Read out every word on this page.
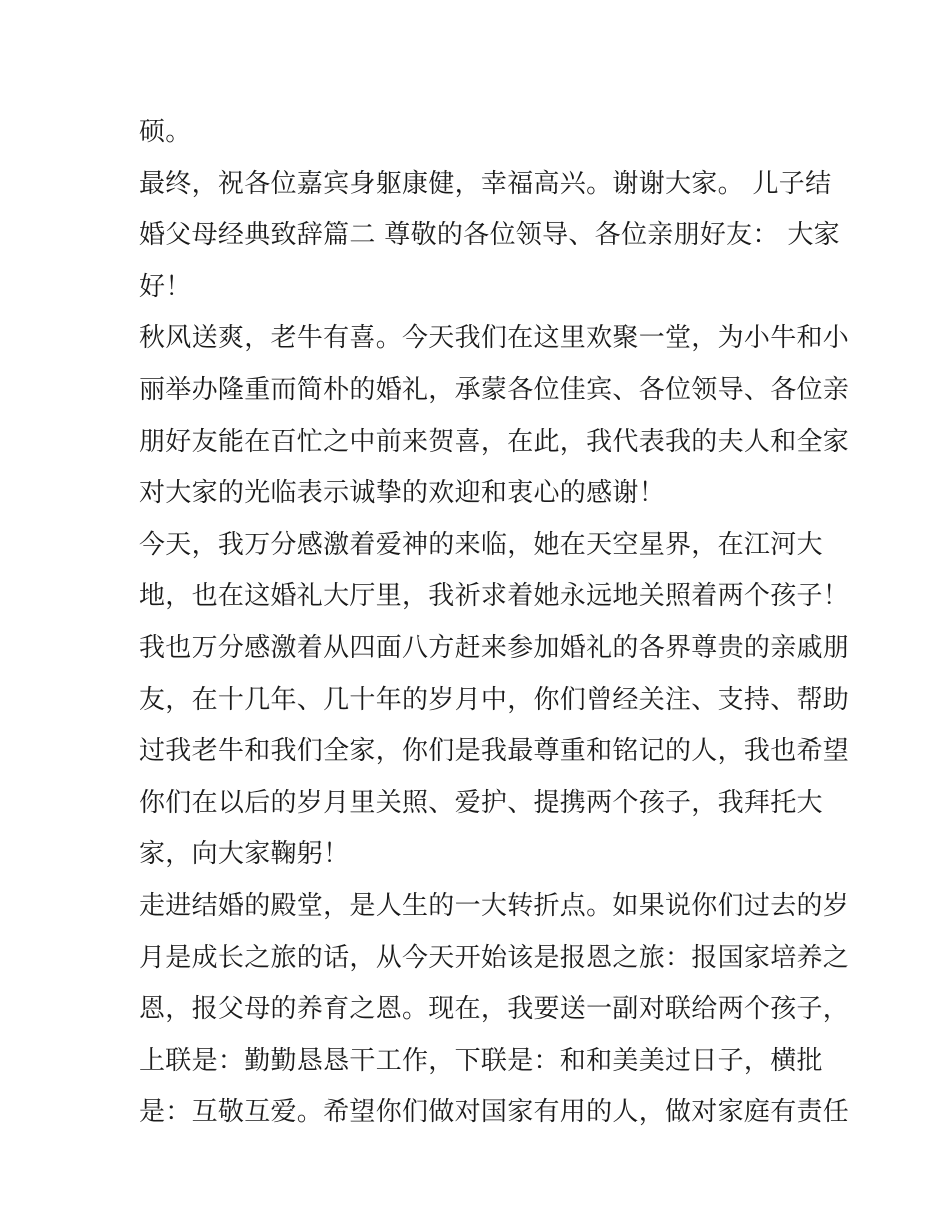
硕。
最终，祝各位嘉宾身躯康健，幸福高兴。谢谢大家。 儿子结
婚父母经典致辞篇二 尊敬的各位领导、各位亲朋好友： 大家
好！
秋风送爽，老牛有喜。今天我们在这里欢聚一堂，为小牛和小
丽举办隆重而简朴的婚礼，承蒙各位佳宾、各位领导、各位亲
朋好友能在百忙之中前来贺喜，在此，我代表我的夫人和全家
对大家的光临表示诚挚的欢迎和衷心的感谢！
今天，我万分感激着爱神的来临，她在天空星界，在江河大
地，也在这婚礼大厅里，我祈求着她永远地关照着两个孩子！
我也万分感激着从四面八方赶来参加婚礼的各界尊贵的亲戚朋
友，在十几年、几十年的岁月中，你们曾经关注、支持、帮助
过我老牛和我们全家，你们是我最尊重和铭记的人，我也希望
你们在以后的岁月里关照、爱护、提携两个孩子，我拜托大
家，向大家鞠躬！
走进结婚的殿堂，是人生的一大转折点。如果说你们过去的岁
月是成长之旅的话，从今天开始该是报恩之旅：报国家培养之
恩，报父母的养育之恩。现在，我要送一副对联给两个孩子，
上联是：勤勤恳恳干工作，下联是：和和美美过日子，横批
是：互敬互爱。希望你们做对国家有用的人，做对家庭有责任
